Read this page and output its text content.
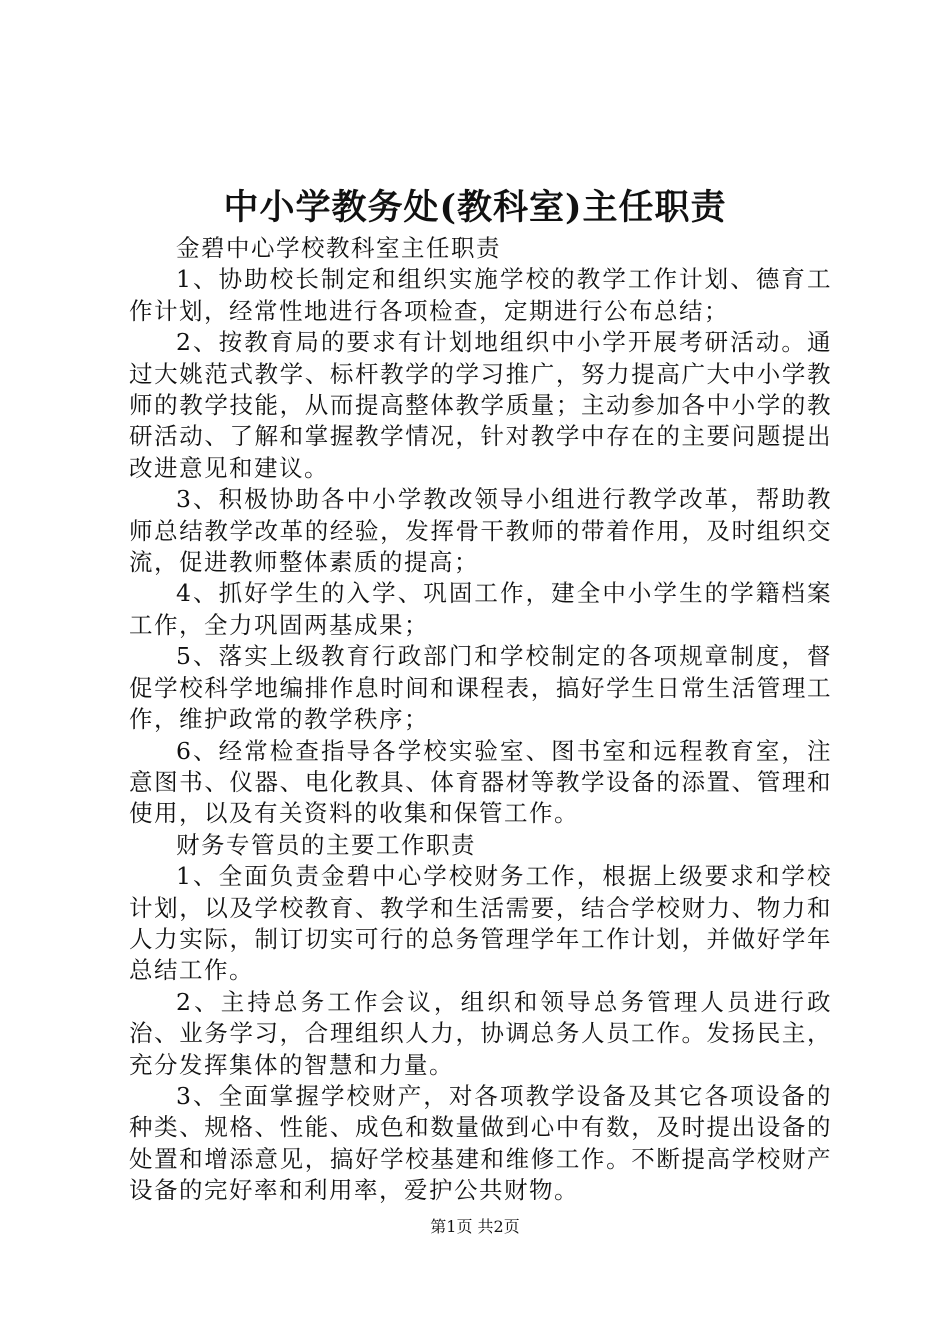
中小学教务处(教科室)主任职责

金碧中心学校教科室主任职责

1、协助校长制定和组织实施学校的教学工作计划、德育工作计划，经常性地进行各项检查，定期进行公布总结；

2、按教育局的要求有计划地组织中小学开展考研活动。通过大姚范式教学、标杆教学的学习推广，努力提高广大中小学教师的教学技能，从而提高整体教学质量；主动参加各中小学的教研活动、了解和掌握教学情况，针对教学中存在的主要问题提出改进意见和建议。

3、积极协助各中小学教改领导小组进行教学改革，帮助教师总结教学改革的经验，发挥骨干教师的带着作用，及时组织交流，促进教师整体素质的提高；

4、抓好学生的入学、巩固工作，建全中小学生的学籍档案工作，全力巩固两基成果；

5、落实上级教育行政部门和学校制定的各项规章制度，督促学校科学地编排作息时间和课程表，搞好学生日常生活管理工作，维护政常的教学秩序；

6、经常检查指导各学校实验室、图书室和远程教育室，注意图书、仪器、电化教具、体育器材等教学设备的添置、管理和使用，以及有关资料的收集和保管工作。

财务专管员的主要工作职责

1、全面负责金碧中心学校财务工作，根据上级要求和学校计划，以及学校教育、教学和生活需要，结合学校财力、物力和人力实际，制订切实可行的总务管理学年工作计划，并做好学年总结工作。

2、主持总务工作会议，组织和领导总务管理人员进行政治、业务学习，合理组织人力，协调总务人员工作。发扬民主，充分发挥集体的智慧和力量。

3、全面掌握学校财产，对各项教学设备及其它各项设备的种类、规格、性能、成色和数量做到心中有数，及时提出设备的处置和增添意见，搞好学校基建和维修工作。不断提高学校财产设备的完好率和利用率，爱护公共财物。

第1页 共2页
